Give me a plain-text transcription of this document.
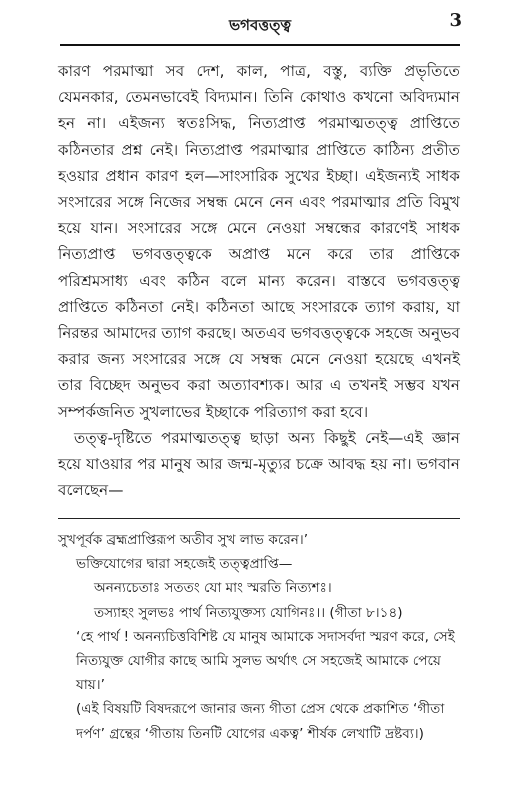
ভগবত্তত্ত্ব	3

কারণ পরমাত্মা সব দেশ, কাল, পাত্র, বস্তু, ব্যক্তি প্রভৃতিতে যেমনকার, তেমনভাবেই বিদ্যমান। তিনি কোথাও কখনো অবিদ্যমান হন না। এইজন্য স্বতঃসিদ্ধ, নিত্যপ্রাপ্ত পরমাত্মতত্ত্ব প্রাপ্তিতে কঠিনতার প্রশ্ন নেই। নিত্যপ্রাপ্ত পরমাত্মার প্রাপ্তিতে কাঠিন্য প্রতীত হওয়ার প্রধান কারণ হল—সাংসারিক সুখের ইচ্ছা। এইজন্যই সাধক সংসারের সঙ্গে নিজের সম্বন্ধ মেনে নেন এবং পরমাত্মার প্রতি বিমুখ হয়ে যান। সংসারের সঙ্গে মেনে নেওয়া সম্বন্ধের কারণেই সাধক নিত্যপ্রাপ্ত ভগবত্তত্ত্বকে অপ্রাপ্ত মনে করে তার প্রাপ্তিকে পরিশ্রমসাধ্য এবং কঠিন বলে মান্য করেন। বাস্তবে ভগবত্তত্ত্ব প্রাপ্তিতে কঠিনতা নেই। কঠিনতা আছে সংসারকে ত্যাগ করায়, যা নিরন্তর আমাদের ত্যাগ করছে। অতএব ভগবত্তত্ত্বকে সহজে অনুভব করার জন্য সংসারের সঙ্গে যে সম্বন্ধ মেনে নেওয়া হয়েছে এখনই তার বিচ্ছেদ অনুভব করা অত্যাবশ্যক। আর এ তখনই সম্ভব যখন সম্পর্কজনিত সুখলাভের ইচ্ছাকে পরিত্যাগ করা হবে।

তত্ত্ব-দৃষ্টিতে পরমাত্মতত্ত্ব ছাড়া অন্য কিছুই নেই—এই জ্ঞান হয়ে যাওয়ার পর মানুষ আর জন্ম-মৃত্যুর চক্রে আবদ্ধ হয় না। ভগবান বলেছেন—

সুখপূর্বক ব্রহ্মপ্রাপ্তিরূপ অতীব সুখ লাভ করেন।’

ভক্তিযোগের দ্বারা সহজেই তত্ত্বপ্রাপ্তি—

অনন্যচেতাঃ সততং যো মাং স্মরতি নিত্যশঃ।

তস্যাহং সুলভঃ পার্থ নিত্যযুক্তস্য যোগিনঃ।। (গীতা ৮।১৪)

‘হে পার্থ ! অনন্যচিত্তবিশিষ্ট যে মানুষ আমাকে সদাসর্বদা স্মরণ করে, সেই নিত্যযুক্ত যোগীর কাছে আমি সুলভ অর্থাৎ সে সহজেই আমাকে পেয়ে যায়।’

(এই বিষয়টি বিষদরূপে জানার জন্য গীতা প্রেস থেকে প্রকাশিত ‘গীতা দর্পণ’ গ্রন্থের ‘গীতায় তিনটি যোগের একত্ব’ শীর্ষক লেখাটি দ্রষ্টব্য।)
